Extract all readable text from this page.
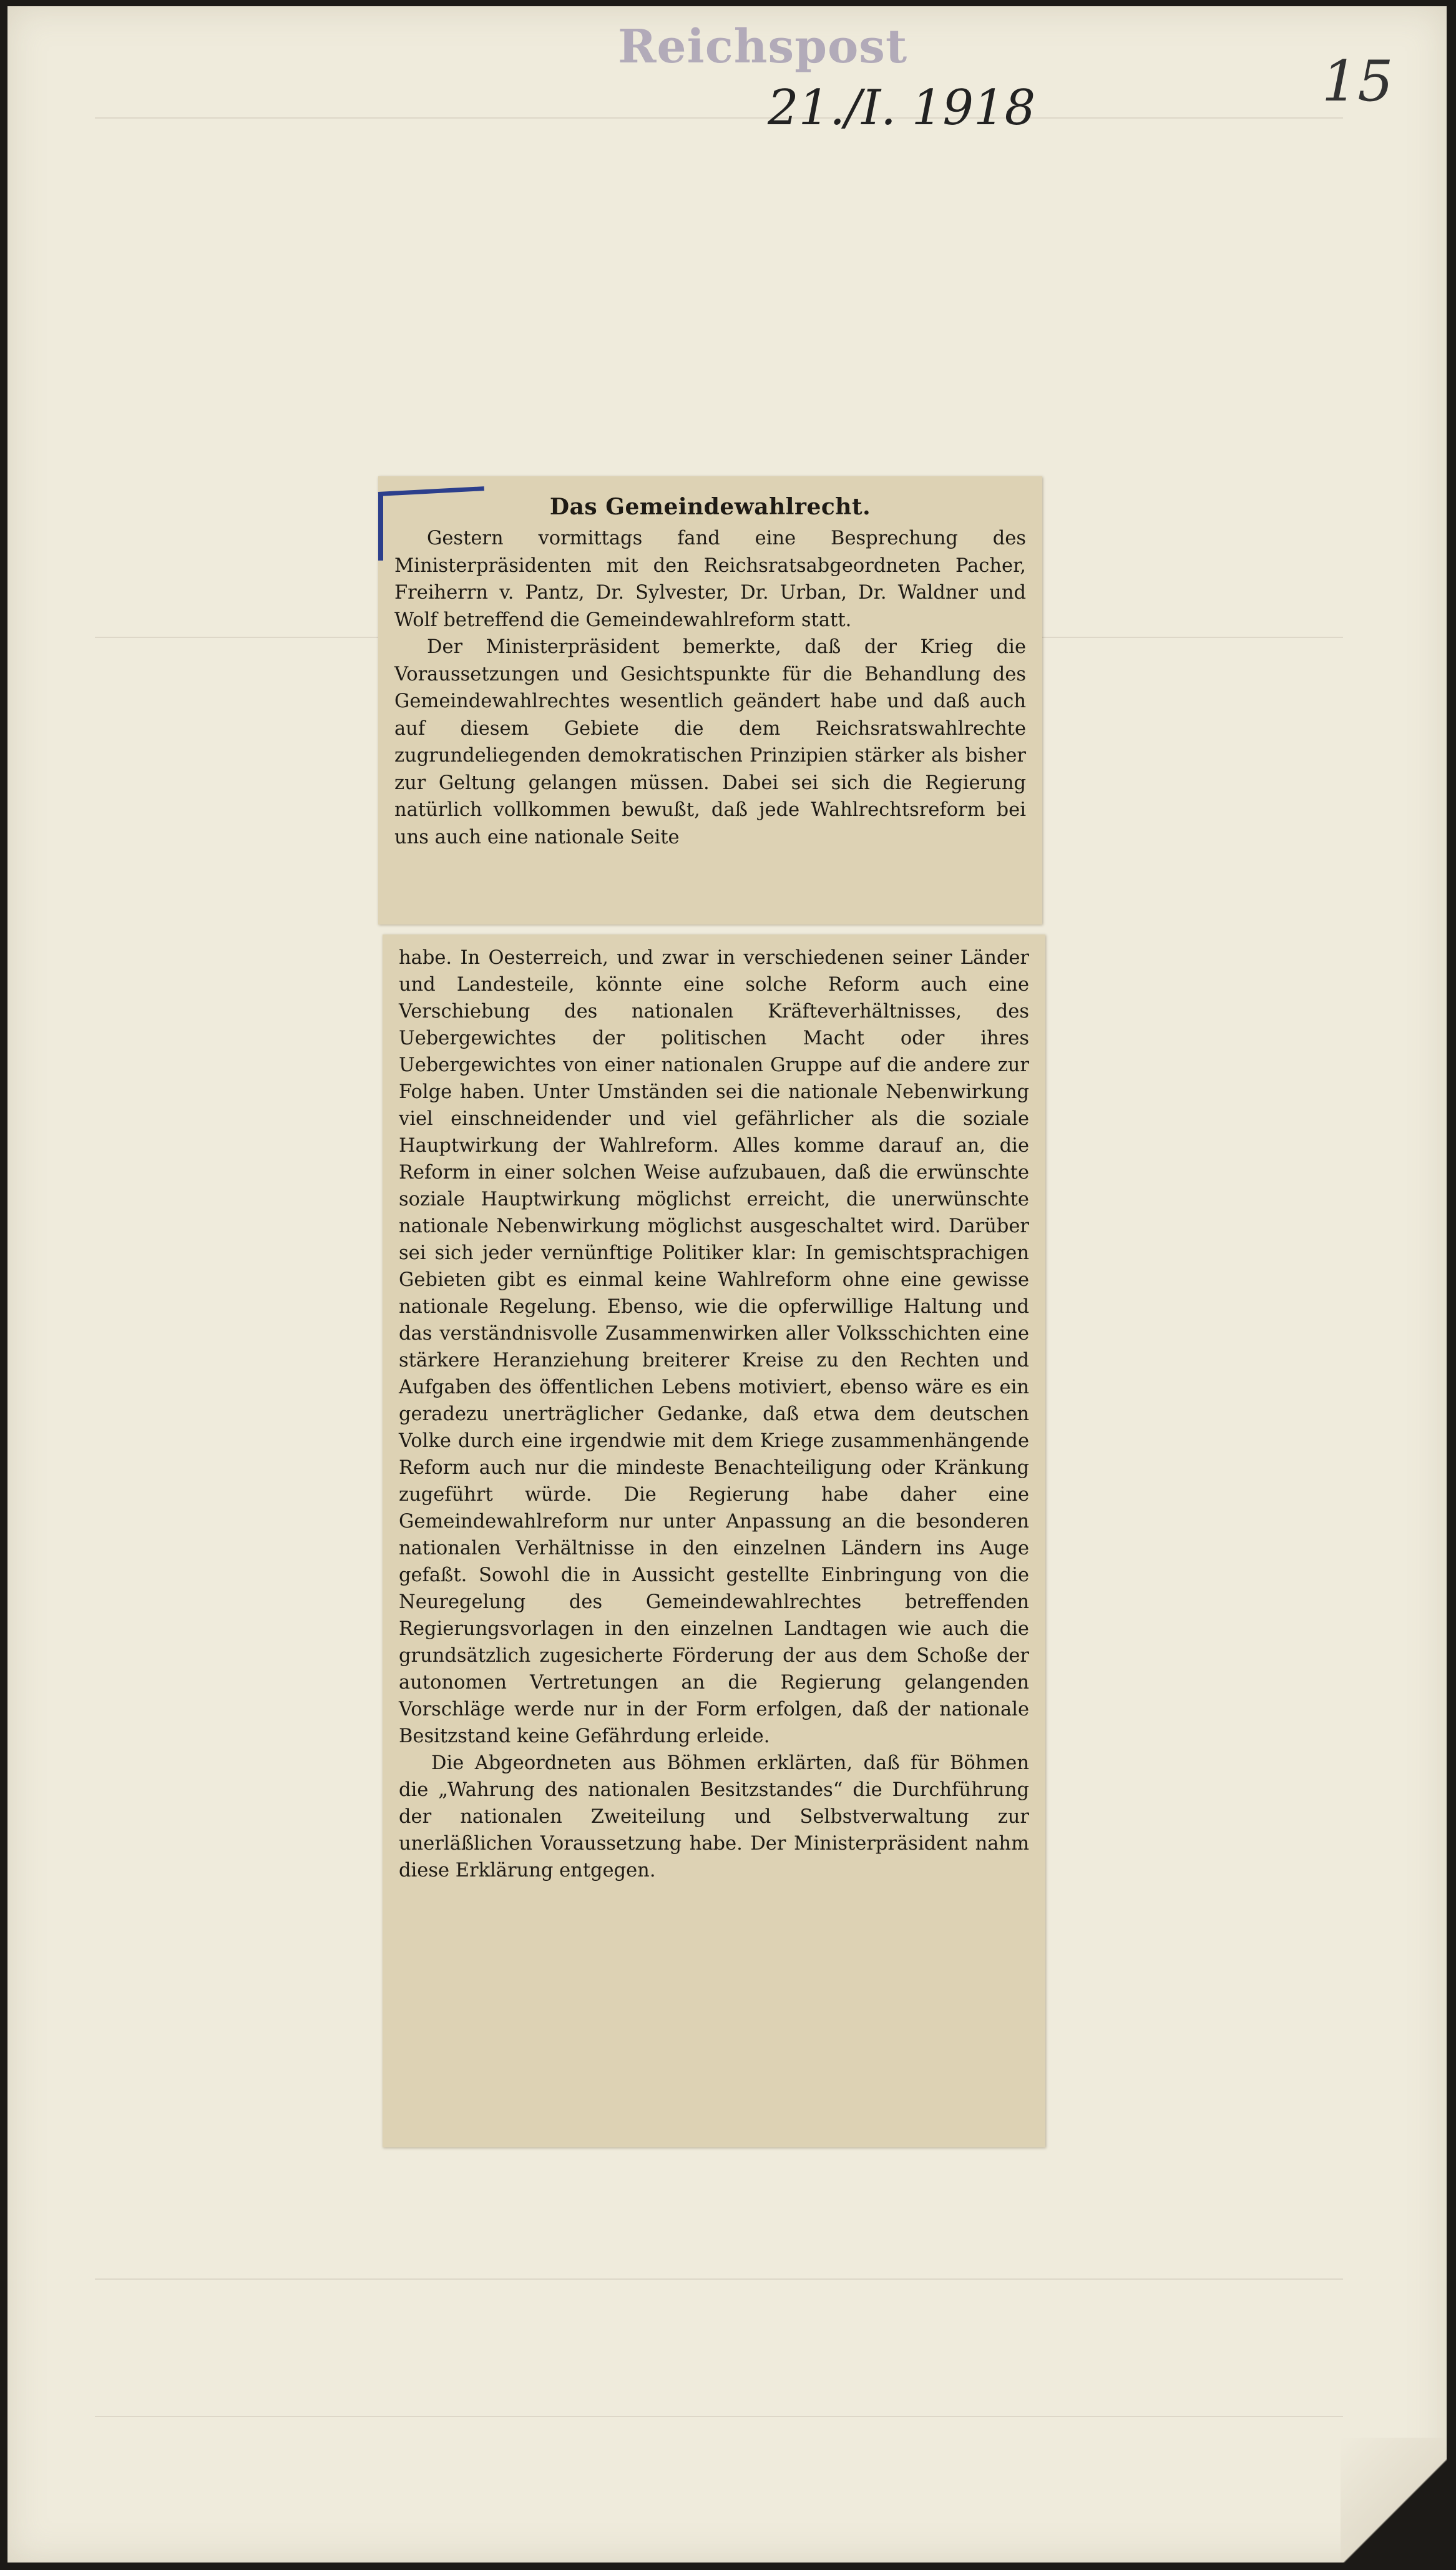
Reichspost
21./I. 1918	15
Das Gemeindewahlrecht.

Gestern vormittags fand eine Besprechung des Ministerpräsidenten mit den Reichsratsabgeordneten Pacher, Freiherrn v. Pantz, Dr. Sylvester, Dr. Urban, Dr. Waldner und Wolf betreffend die Gemeindewahlreform statt.

Der Ministerpräsident bemerkte, daß der Krieg die Voraussetzungen und Gesichtspunkte für die Behandlung des Gemeindewahlrechtes wesentlich geändert habe und daß auch auf diesem Gebiete die dem Reichsratswahlrechte zugrundeliegenden demokratischen Prinzipien stärker als bisher zur Geltung gelangen müssen. Dabei sei sich die Regierung natürlich vollkommen bewußt, daß jede Wahlrechtsreform bei uns auch eine nationale Seite

habe. In Oesterreich, und zwar in verschiedenen seiner Länder und Landesteile, könnte eine solche Reform auch eine Verschiebung des nationalen Kräfteverhältnisses, des Uebergewichtes der politischen Macht oder ihres Uebergewichtes von einer nationalen Gruppe auf die andere zur Folge haben. Unter Umständen sei die nationale Nebenwirkung viel einschneidender und viel gefährlicher als die soziale Hauptwirkung der Wahlreform. Alles komme darauf an, die Reform in einer solchen Weise aufzubauen, daß die erwünschte soziale Hauptwirkung möglichst erreicht, die unerwünschte nationale Nebenwirkung möglichst ausgeschaltet wird. Darüber sei sich jeder vernünftige Politiker klar: In gemischtsprachigen Gebieten gibt es einmal keine Wahlreform ohne eine gewisse nationale Regelung. Ebenso, wie die opferwillige Haltung und das verständnisvolle Zusammenwirken aller Volksschichten eine stärkere Heranziehung breiterer Kreise zu den Rechten und Aufgaben des öffentlichen Lebens motiviert, ebenso wäre es ein geradezu unerträglicher Gedanke, daß etwa dem deutschen Volke durch eine irgendwie mit dem Kriege zusammenhängende Reform auch nur die mindeste Benachteiligung oder Kränkung zugeführt würde. Die Regierung habe daher eine Gemeindewahlreform nur unter Anpassung an die besonderen nationalen Verhältnisse in den einzelnen Ländern ins Auge gefaßt. Sowohl die in Aussicht gestellte Einbringung von die Neuregelung des Gemeindewahlrechtes betreffenden Regierungsvorlagen in den einzelnen Landtagen wie auch die grundsätzlich zugesicherte Förderung der aus dem Schoße der autonomen Vertretungen an die Regierung gelangenden Vorschläge werde nur in der Form erfolgen, daß der nationale Besitzstand keine Gefährdung erleide.

Die Abgeordneten aus Böhmen erklärten, daß für Böhmen die „Wahrung des nationalen Besitzstandes“ die Durchführung der nationalen Zweiteilung und Selbstverwaltung zur unerläßlichen Voraussetzung habe. Der Ministerpräsident nahm diese Erklärung entgegen.
